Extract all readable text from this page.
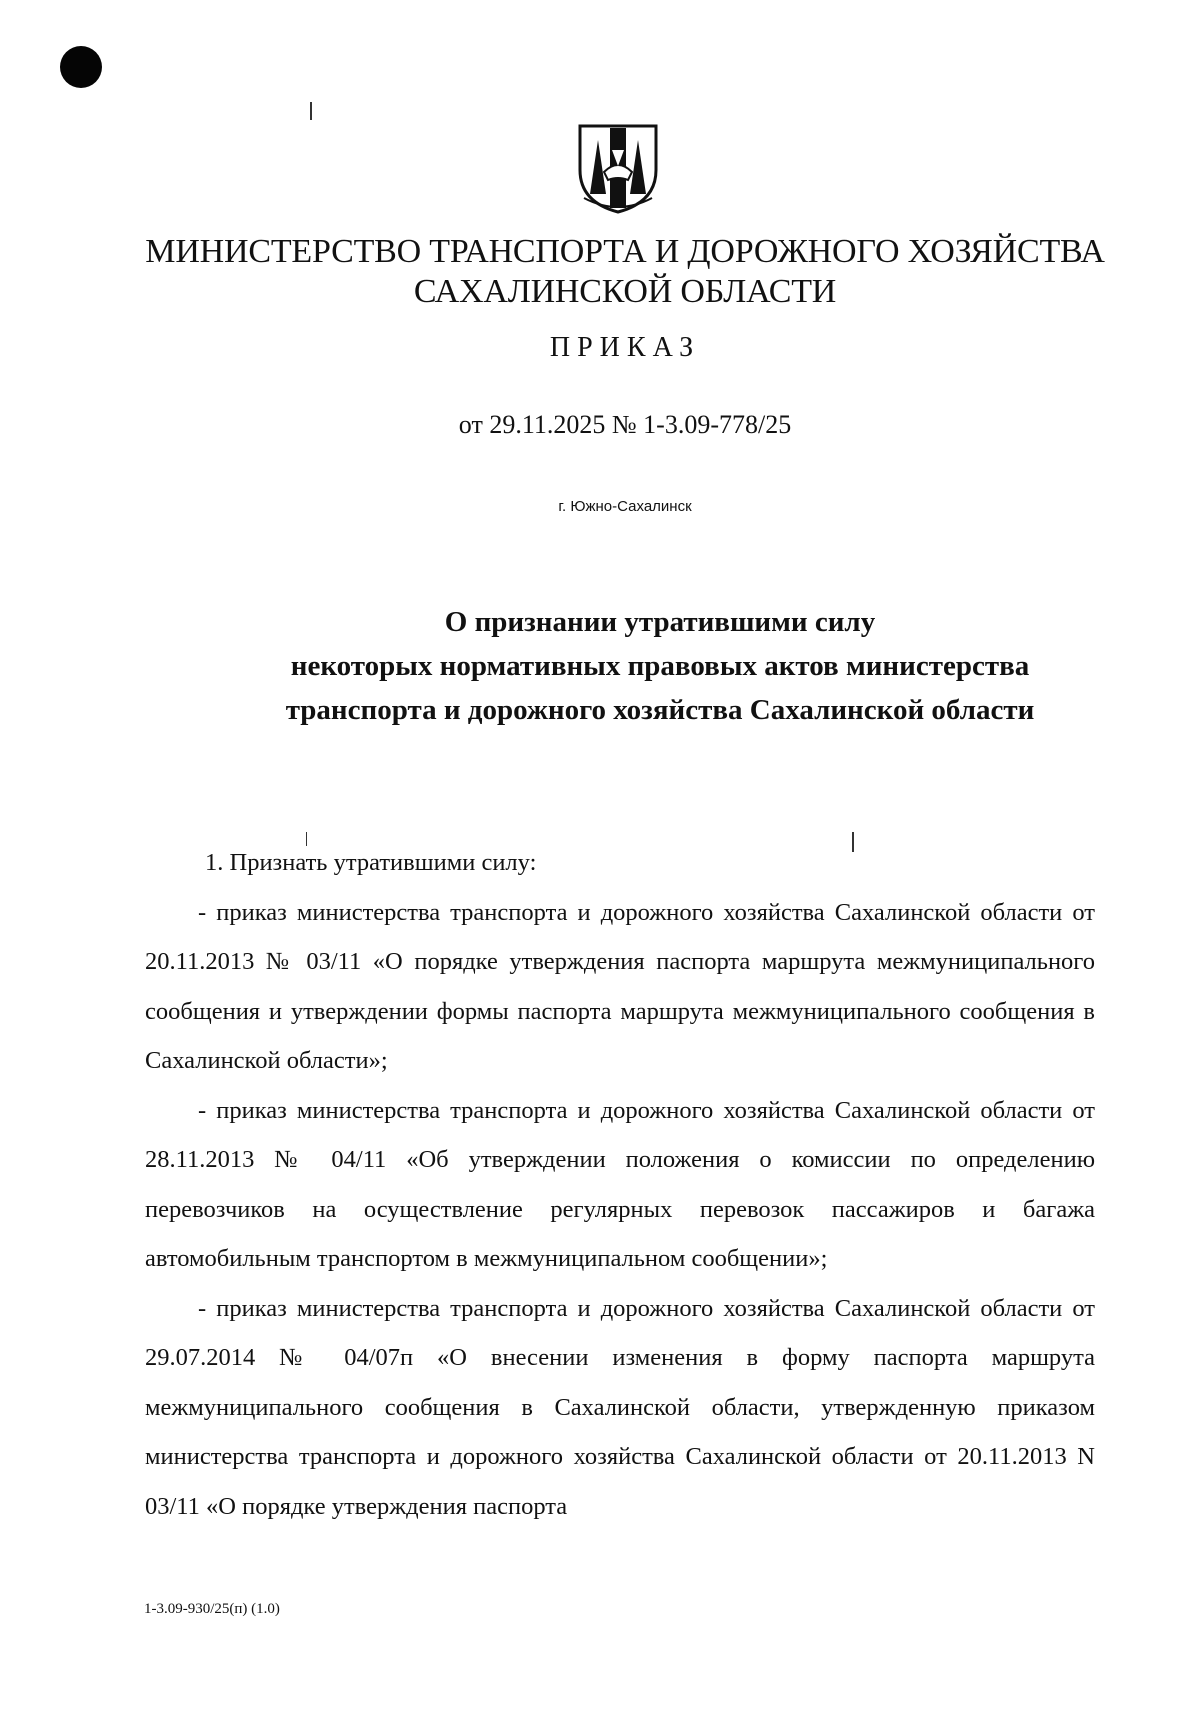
МИНИСТЕРСТВО ТРАНСПОРТА И ДОРОЖНОГО ХОЗЯЙСТВА
САХАЛИНСКОЙ ОБЛАСТИ
ПРИКАЗ
от 29.11.2025 № 1-3.09-778/25
г. Южно-Сахалинск
О признании утратившими силу
некоторых нормативных правовых актов министерства
транспорта и дорожного хозяйства Сахалинской области

1. Признать утратившими силу:

- приказ министерства транспорта и дорожного хозяйства Сахалинской области от 20.11.2013 № 03/11 «О порядке утверждения паспорта маршрута межмуниципального сообщения и утверждении формы паспорта маршрута межмуниципального сообщения в Сахалинской области»;

- приказ министерства транспорта и дорожного хозяйства Сахалинской области от 28.11.2013 № 04/11 «Об утверждении положения о комиссии по определению перевозчиков на осуществление регулярных перевозок пассажиров и багажа автомобильным транспортом в межмуниципальном сообщении»;

- приказ министерства транспорта и дорожного хозяйства Сахалинской области от 29.07.2014 № 04/07п «О внесении изменения в форму паспорта маршрута межмуниципального сообщения в Сахалинской области, утвержденную приказом министерства транспорта и дорожного хозяйства Сахалинской области от 20.11.2013 N 03/11 «О порядке утверждения паспорта

1-3.09-930/25(п) (1.0)
